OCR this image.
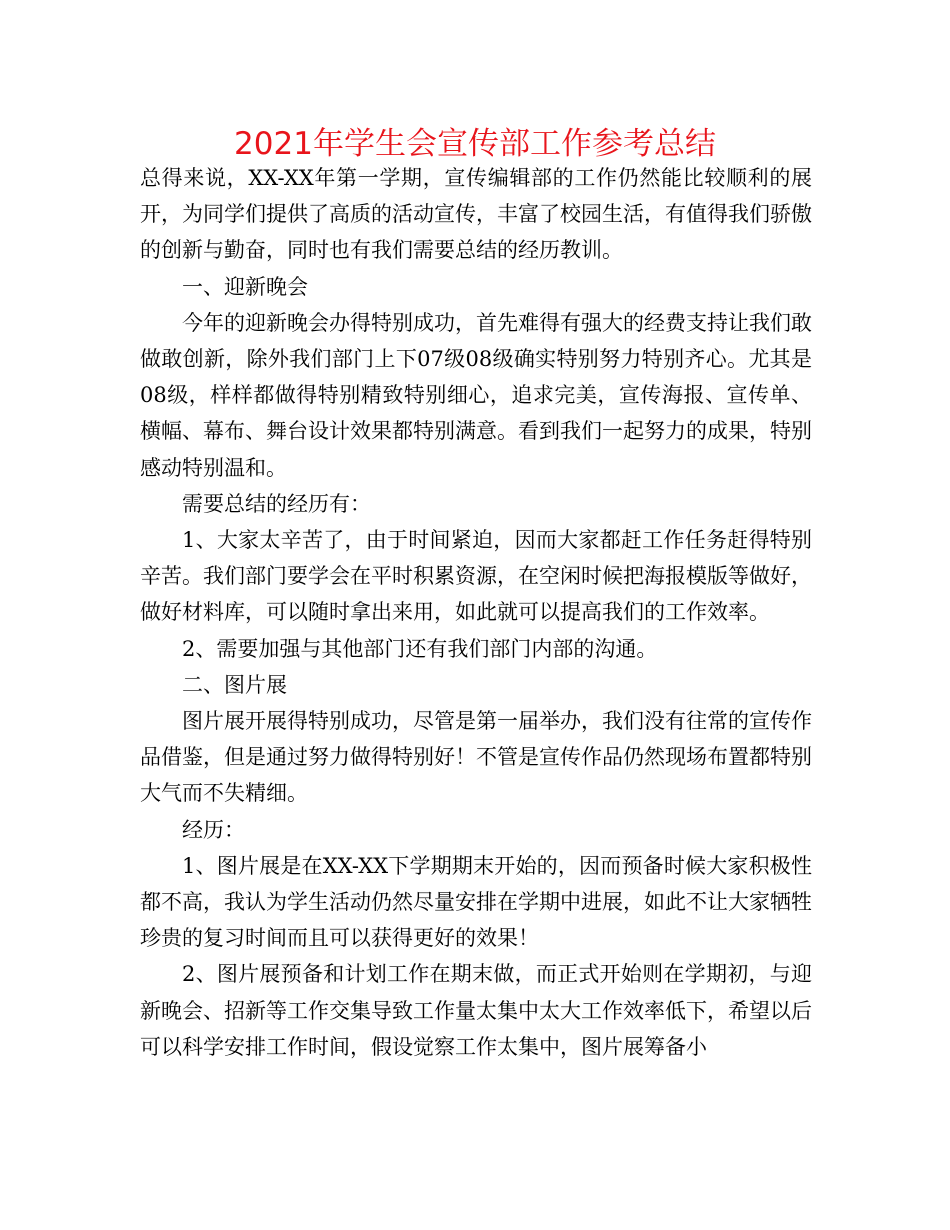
2021年学生会宣传部工作参考总结

总得来说，XX-XX年第一学期，宣传编辑部的工作仍然能比较顺利的展开，为同学们提供了高质的活动宣传，丰富了校园生活，有值得我们骄傲的创新与勤奋，同时也有我们需要总结的经历教训。

一、迎新晚会

今年的迎新晚会办得特别成功，首先难得有强大的经费支持让我们敢做敢创新，除外我们部门上下07级08级确实特别努力特别齐心。尤其是08级，样样都做得特别精致特别细心，追求完美，宣传海报、宣传单、横幅、幕布、舞台设计效果都特别满意。看到我们一起努力的成果，特别感动特别温和。

需要总结的经历有：

1、大家太辛苦了，由于时间紧迫，因而大家都赶工作任务赶得特别辛苦。我们部门要学会在平时积累资源，在空闲时候把海报模版等做好，做好材料库，可以随时拿出来用，如此就可以提高我们的工作效率。

2、需要加强与其他部门还有我们部门内部的沟通。

二、图片展

图片展开展得特别成功，尽管是第一届举办，我们没有往常的宣传作品借鉴，但是通过努力做得特别好！不管是宣传作品仍然现场布置都特别大气而不失精细。

经历：

1、图片展是在XX-XX下学期期末开始的，因而预备时候大家积极性都不高，我认为学生活动仍然尽量安排在学期中进展，如此不让大家牺牲珍贵的复习时间而且可以获得更好的效果！

2、图片展预备和计划工作在期末做，而正式开始则在学期初，与迎新晚会、招新等工作交集导致工作量太集中太大工作效率低下，希望以后可以科学安排工作时间，假设觉察工作太集中，图片展筹备小
